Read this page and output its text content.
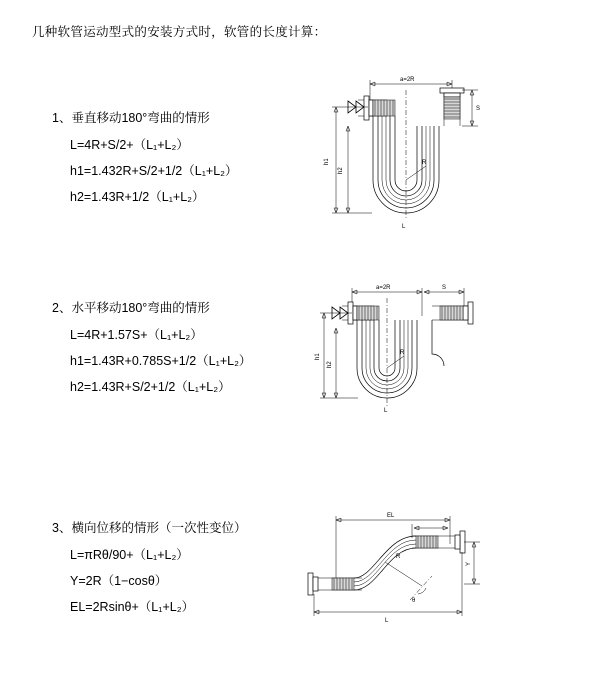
几种软管运动型式的安装方式时，软管的长度计算：

1、垂直移动180°弯曲的情形

L=4R+S/2+（L₁+L₂）

h1=1.432R+S/2+1/2（L₁+L₂）

h2=1.43R+1/2（L₁+L₂）

a=2R
S
R
h1
h2
L

2、水平移动180°弯曲的情形

L=4R+1.57S+（L₁+L₂）

h1=1.43R+0.785S+1/2（L₁+L₂）

h2=1.43R+S/2+1/2（L₁+L₂）

a=2R	S
R
h1
h2
L

3、横向位移的情形（一次性变位）

L=πRθ/90+（L₁+L₂）

Y=2R（1−cosθ）

EL=2Rsinθ+（L₁+L₂）

EL
R
θ
Y
L
